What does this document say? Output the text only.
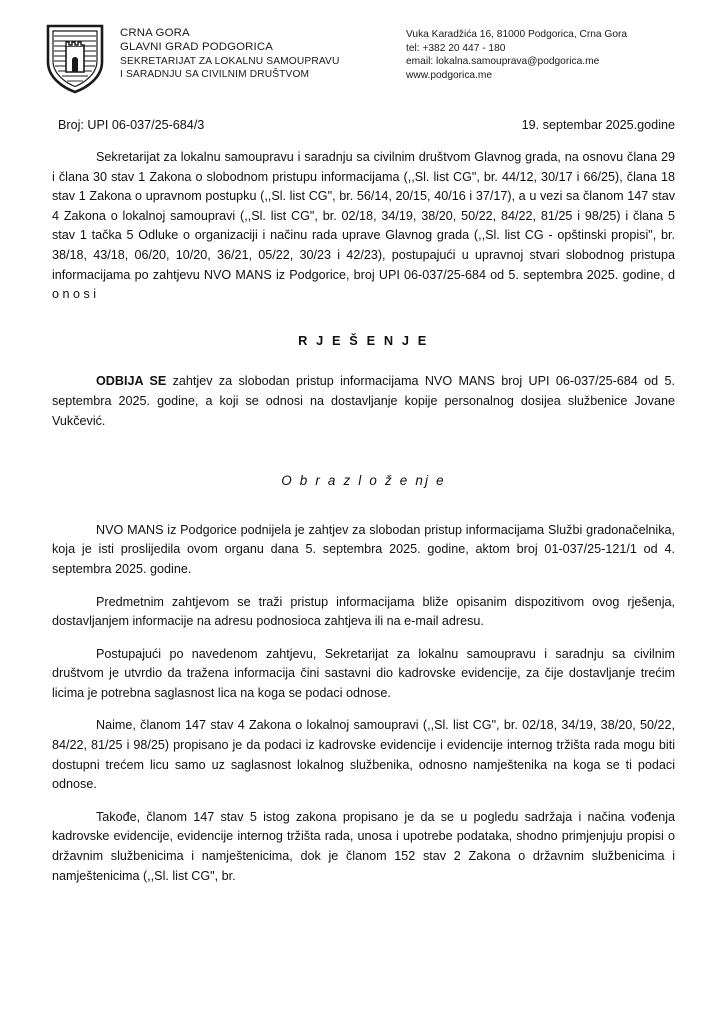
CRNA GORA
GLAVNI GRAD PODGORICA
SEKRETARIJAT ZA LOKALNU SAMOUPRAVU
I SARADNJU SA CIVILNIM DRUŠTVOM
Vuka Karadžića 16, 81000 Podgorica, Crna Gora
tel: +382 20 447 - 180
email: lokalna.samouprava@podgorica.me
www.podgorica.me
Broj: UPI 06-037/25-684/3	19. septembar 2025.godine

Sekretarijat za lokalnu samoupravu i saradnju sa civilnim društvom Glavnog grada, na osnovu člana 29 i člana 30 stav 1 Zakona o slobodnom pristupu informacijama (,,Sl. list CG", br. 44/12, 30/17 i 66/25), člana 18 stav 1 Zakona o upravnom postupku (,,Sl. list CG", br. 56/14, 20/15, 40/16 i 37/17), a u vezi sa članom 147 stav 4 Zakona o lokalnoj samoupravi (,,Sl. list CG", br. 02/18, 34/19, 38/20, 50/22, 84/22, 81/25 i 98/25) i člana 5 stav 1 tačka 5 Odluke o organizaciji i načinu rada uprave Glavnog grada (,,Sl. list CG - opštinski propisi", br. 38/18, 43/18, 06/20, 10/20, 36/21, 05/22, 30/23 i 42/23), postupajući u upravnoj stvari slobodnog pristupa informacijama po zahtjevu NVO MANS iz Podgorice, broj UPI 06-037/25-684 od 5. septembra 2025. godine, d o n o s i

R J E Š E N J E

ODBIJA SE zahtjev za slobodan pristup informacijama NVO MANS broj UPI 06-037/25-684 od 5. septembra 2025. godine, a koji se odnosi na dostavljanje kopije personalnog dosijea službenice Jovane Vukčević.

O b r a z l o ž e nj e

NVO MANS iz Podgorice podnijela je zahtjev za slobodan pristup informacijama Službi gradonačelnika, koja je isti proslijedila ovom organu dana 5. septembra 2025. godine, aktom broj 01-037/25-121/1 od 4. septembra 2025. godine.

Predmetnim zahtjevom se traži pristup informacijama bliže opisanim dispozitivom ovog rješenja, dostavljanjem informacije na adresu podnosioca zahtjeva ili na e-mail adresu.

Postupajući po navedenom zahtjevu, Sekretarijat za lokalnu samoupravu i saradnju sa civilnim društvom je utvrdio da tražena informacija čini sastavni dio kadrovske evidencije, za čije dostavljanje trećim licima je potrebna saglasnost lica na koga se podaci odnose.

Naime, članom 147 stav 4 Zakona o lokalnoj samoupravi (,,Sl. list CG", br. 02/18, 34/19, 38/20, 50/22, 84/22, 81/25 i 98/25) propisano je da podaci iz kadrovske evidencije i evidencije internog tržišta rada mogu biti dostupni trećem licu samo uz saglasnost lokalnog službenika, odnosno namještenika na koga se ti podaci odnose.

Takođe, članom 147 stav 5 istog zakona propisano je da se u pogledu sadržaja i načina vođenja kadrovske evidencije, evidencije internog tržišta rada, unosa i upotrebe podataka, shodno primjenjuju propisi o državnim službenicima i namještenicima, dok je članom 152 stav 2 Zakona o državnim službenicima i namještenicima (,,Sl. list CG", br.
